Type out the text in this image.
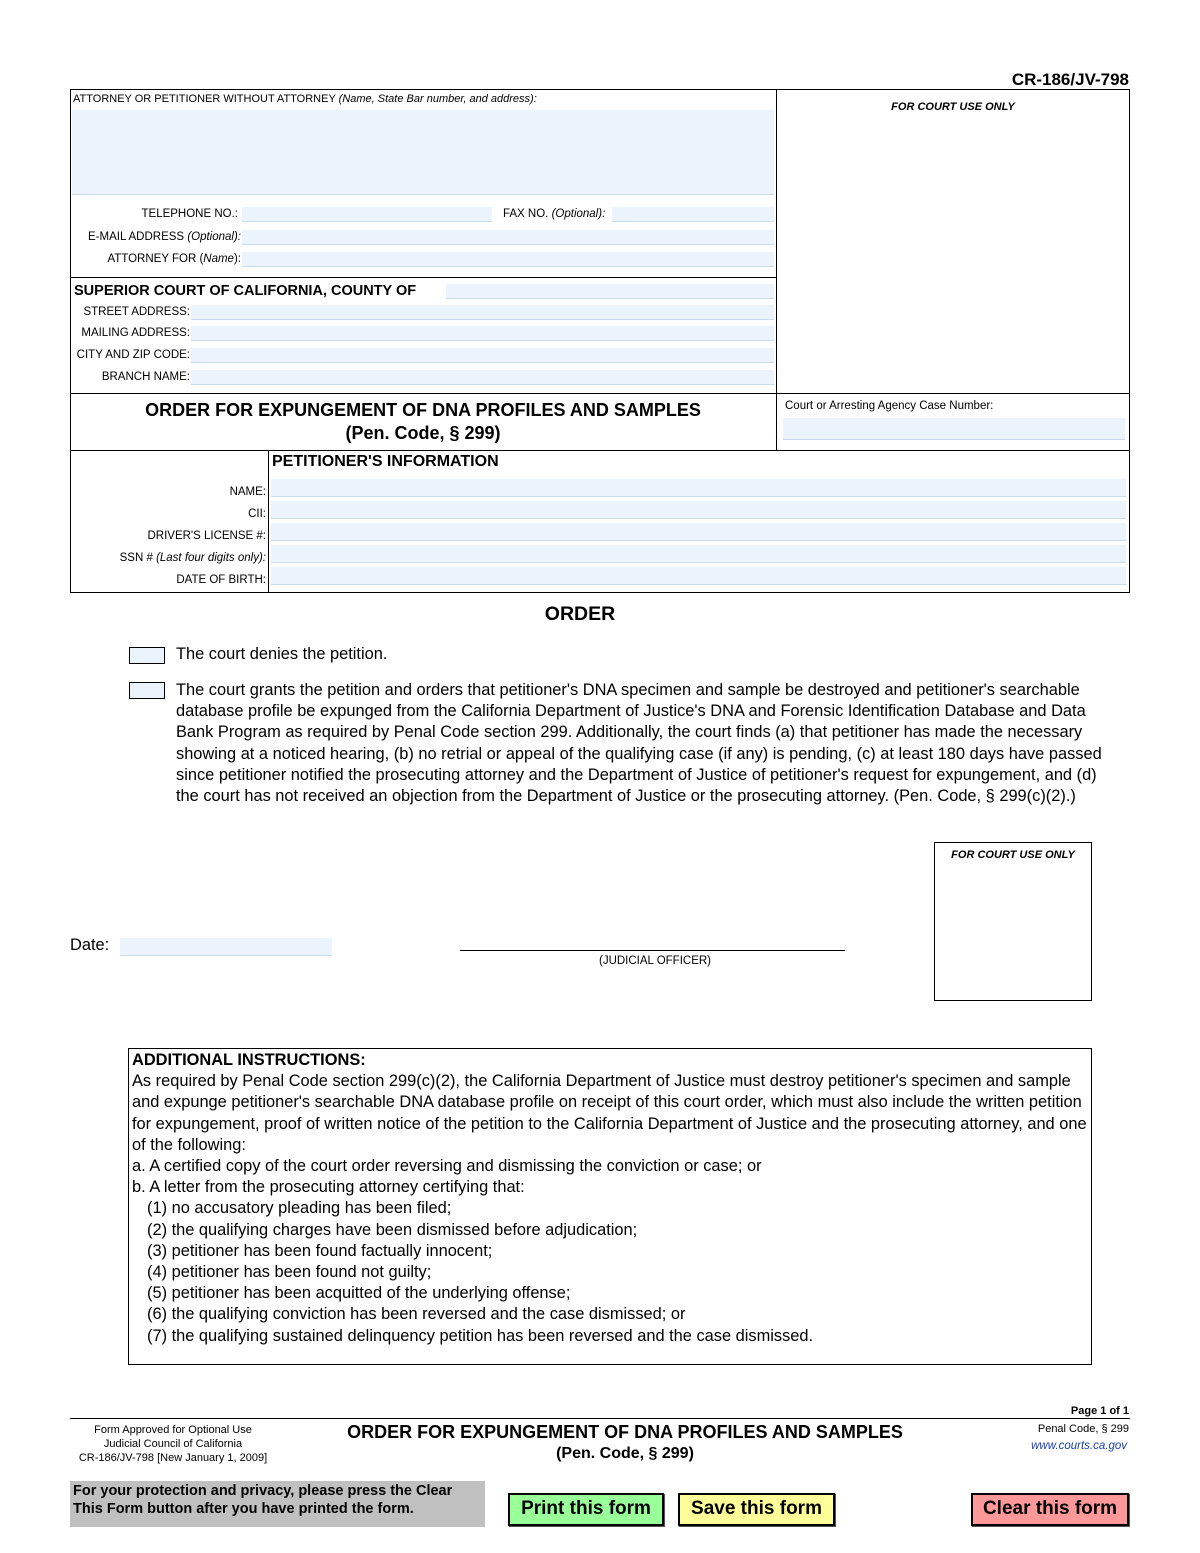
CR-186/JV-798
ATTORNEY OR PETITIONER WITHOUT ATTORNEY (Name, State Bar number, and address):
TELEPHONE NO.:	FAX NO. (Optional):
E-MAIL ADDRESS (Optional):
ATTORNEY FOR (Name):
FOR COURT USE ONLY
SUPERIOR COURT OF CALIFORNIA, COUNTY OF
STREET ADDRESS:
MAILING ADDRESS:
CITY AND ZIP CODE:
BRANCH NAME:
ORDER FOR EXPUNGEMENT OF DNA PROFILES AND SAMPLES
(Pen. Code, § 299)
Court or Arresting Agency Case Number:
PETITIONER'S INFORMATION
NAME:
CII:
DRIVER'S LICENSE #:
SSN # (Last four digits only):
DATE OF BIRTH:
ORDER
The court denies the petition.
The court grants the petition and orders that petitioner's DNA specimen and sample be destroyed and petitioner's searchable database profile be expunged from the California Department of Justice's DNA and Forensic Identification Database and Data Bank Program as required by Penal Code section 299. Additionally, the court finds (a) that petitioner has made the necessary showing at a noticed hearing, (b) no retrial or appeal of the qualifying case (if any) is pending, (c) at least 180 days have passed since petitioner notified the prosecuting attorney and the Department of Justice of petitioner's request for expungement, and (d) the court has not received an objection from the Department of Justice or the prosecuting attorney. (Pen. Code, § 299(c)(2).)
FOR COURT USE ONLY
Date:
(JUDICIAL OFFICER)
ADDITIONAL INSTRUCTIONS:
As required by Penal Code section 299(c)(2), the California Department of Justice must destroy petitioner's specimen and sample and expunge petitioner's searchable DNA database profile on receipt of this court order, which must also include the written petition for expungement, proof of written notice of the petition to the California Department of Justice and the prosecuting attorney, and one of the following:
a. A certified copy of the court order reversing and dismissing the conviction or case; or
b. A letter from the prosecuting attorney certifying that:
(1) no accusatory pleading has been filed;
(2) the qualifying charges have been dismissed before adjudication;
(3) petitioner has been found factually innocent;
(4) petitioner has been found not guilty;
(5) petitioner has been acquitted of the underlying offense;
(6) the qualifying conviction has been reversed and the case dismissed; or
(7) the qualifying sustained delinquency petition has been reversed and the case dismissed.
Page 1 of 1
Form Approved for Optional Use
Judicial Council of California
CR-186/JV-798 [New January 1, 2009]
ORDER FOR EXPUNGEMENT OF DNA PROFILES AND SAMPLES
(Pen. Code, § 299)
Penal Code, § 299
www.courts.ca.gov
For your protection and privacy, please press the Clear
This Form button after you have printed the form.	Print this form	Save this form	Clear this form
